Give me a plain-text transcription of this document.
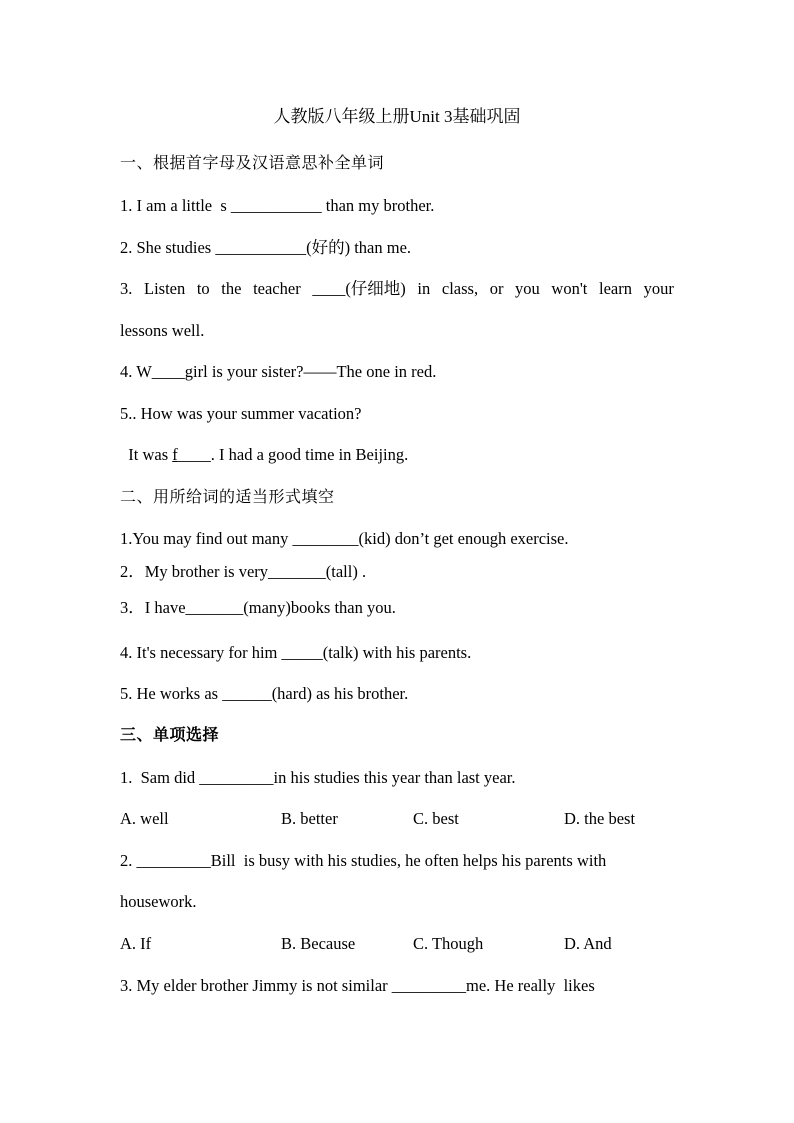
人教版八年级上册Unit 3基础巩固
一、根据首字母及汉语意思补全单词
1. I am a little  s ___________ than my brother.
2. She studies ___________(好的) than me.
3. Listen to the teacher ____(仔细地) in class, or you won't learn your
lessons well.
4. W____girl is your sister?——The one in red.
5.. How was your summer vacation?
It was f____. I had a good time in Beijing.
二、用所给词的适当形式填空
1.You may find out many ________(kid) don’t get enough exercise.
2．My brother is very_______(tall) .
3．I have_______(many)books than you.
4. It's necessary for him _____(talk) with his parents.
5. He works as ______(hard) as his brother.
三、单项选择
1.  Sam did _________in his studies this year than last year.
A. well	B. better	C. best	D. the best
2. _________Bill  is busy with his studies, he often helps his parents with
housework.
A. If	B. Because	C. Though	D. And
3. My elder brother Jimmy is not similar _________me. He really  likes
